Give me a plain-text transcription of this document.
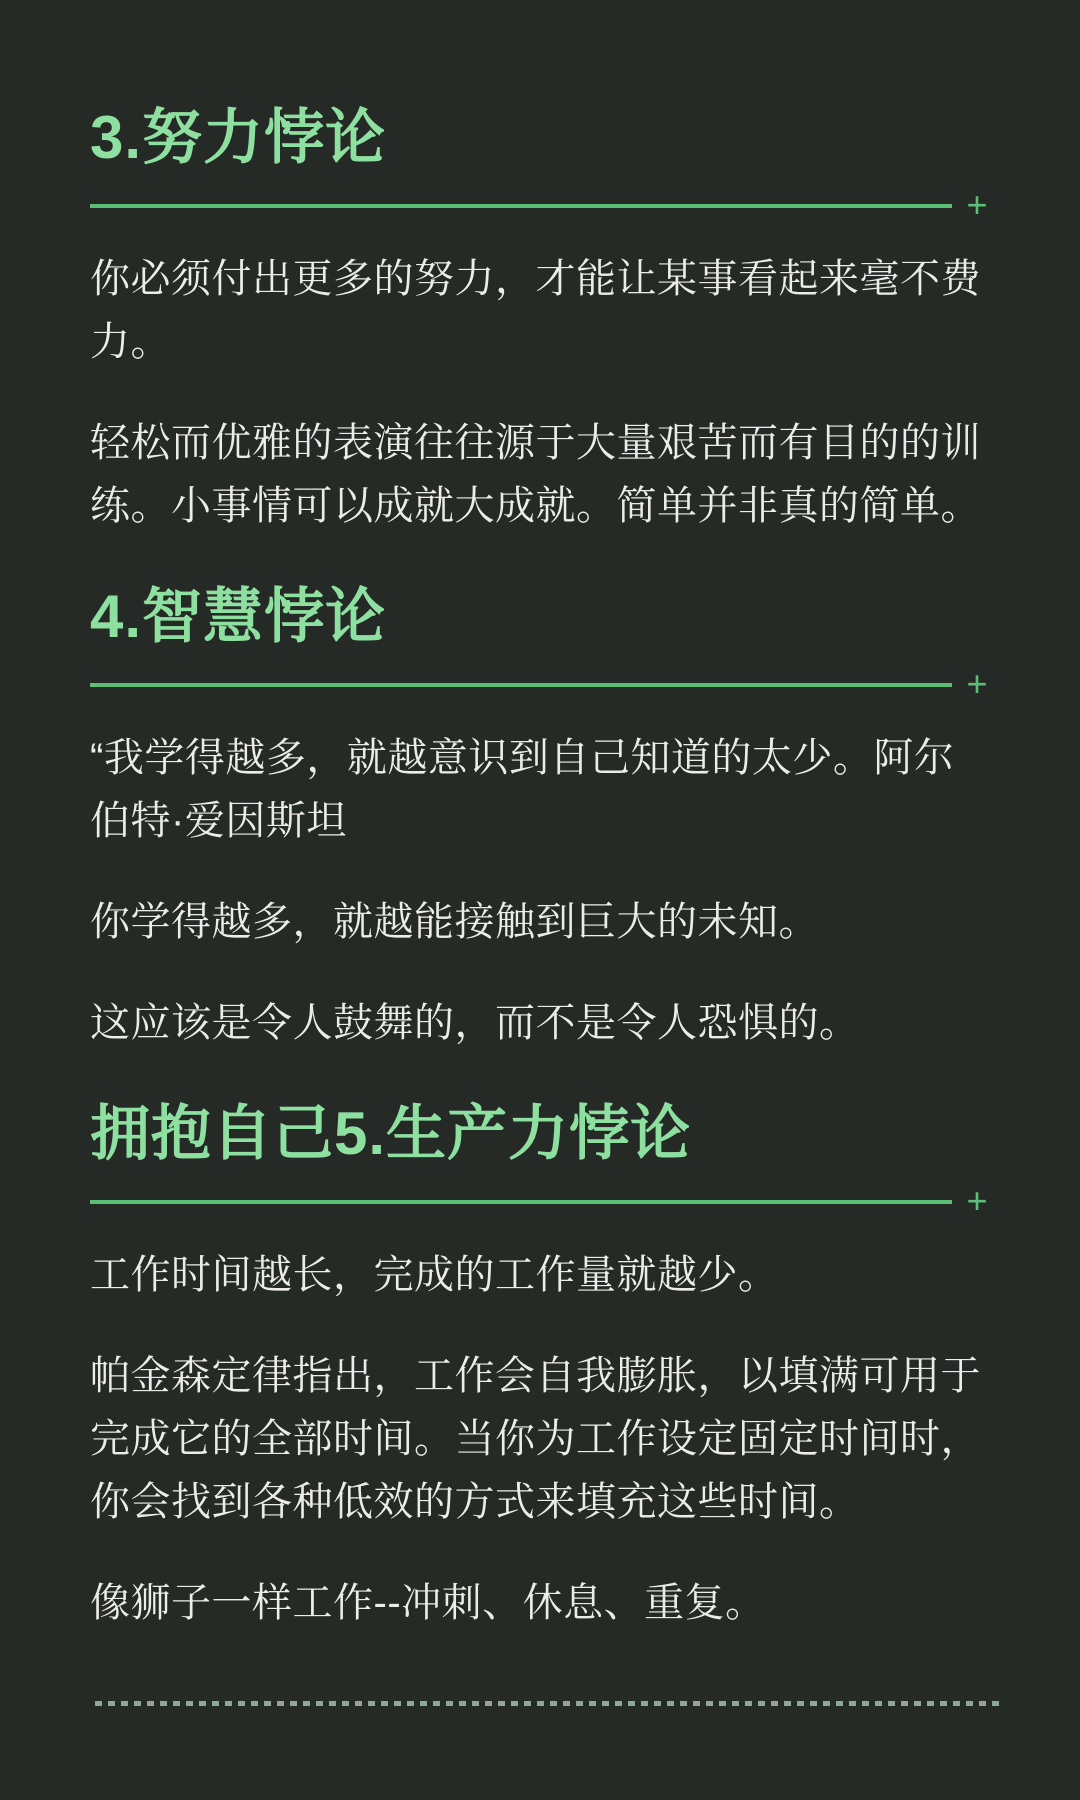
3.努力悖论
+

你必须付出更多的努力，才能让某事看起来毫不费力。

轻松而优雅的表演往往源于大量艰苦而有目的的训练。小事情可以成就大成就。简单并非真的简单。

4.智慧悖论
+

“我学得越多，就越意识到自己知道的太少。阿尔伯特·爱因斯坦

你学得越多，就越能接触到巨大的未知。

这应该是令人鼓舞的，而不是令人恐惧的。

拥抱自己5.生产力悖论
+

工作时间越长，完成的工作量就越少。

帕金森定律指出，工作会自我膨胀，以填满可用于完成它的全部时间。当你为工作设定固定时间时，你会找到各种低效的方式来填充这些时间。

像狮子一样工作--冲刺、休息、重复。
